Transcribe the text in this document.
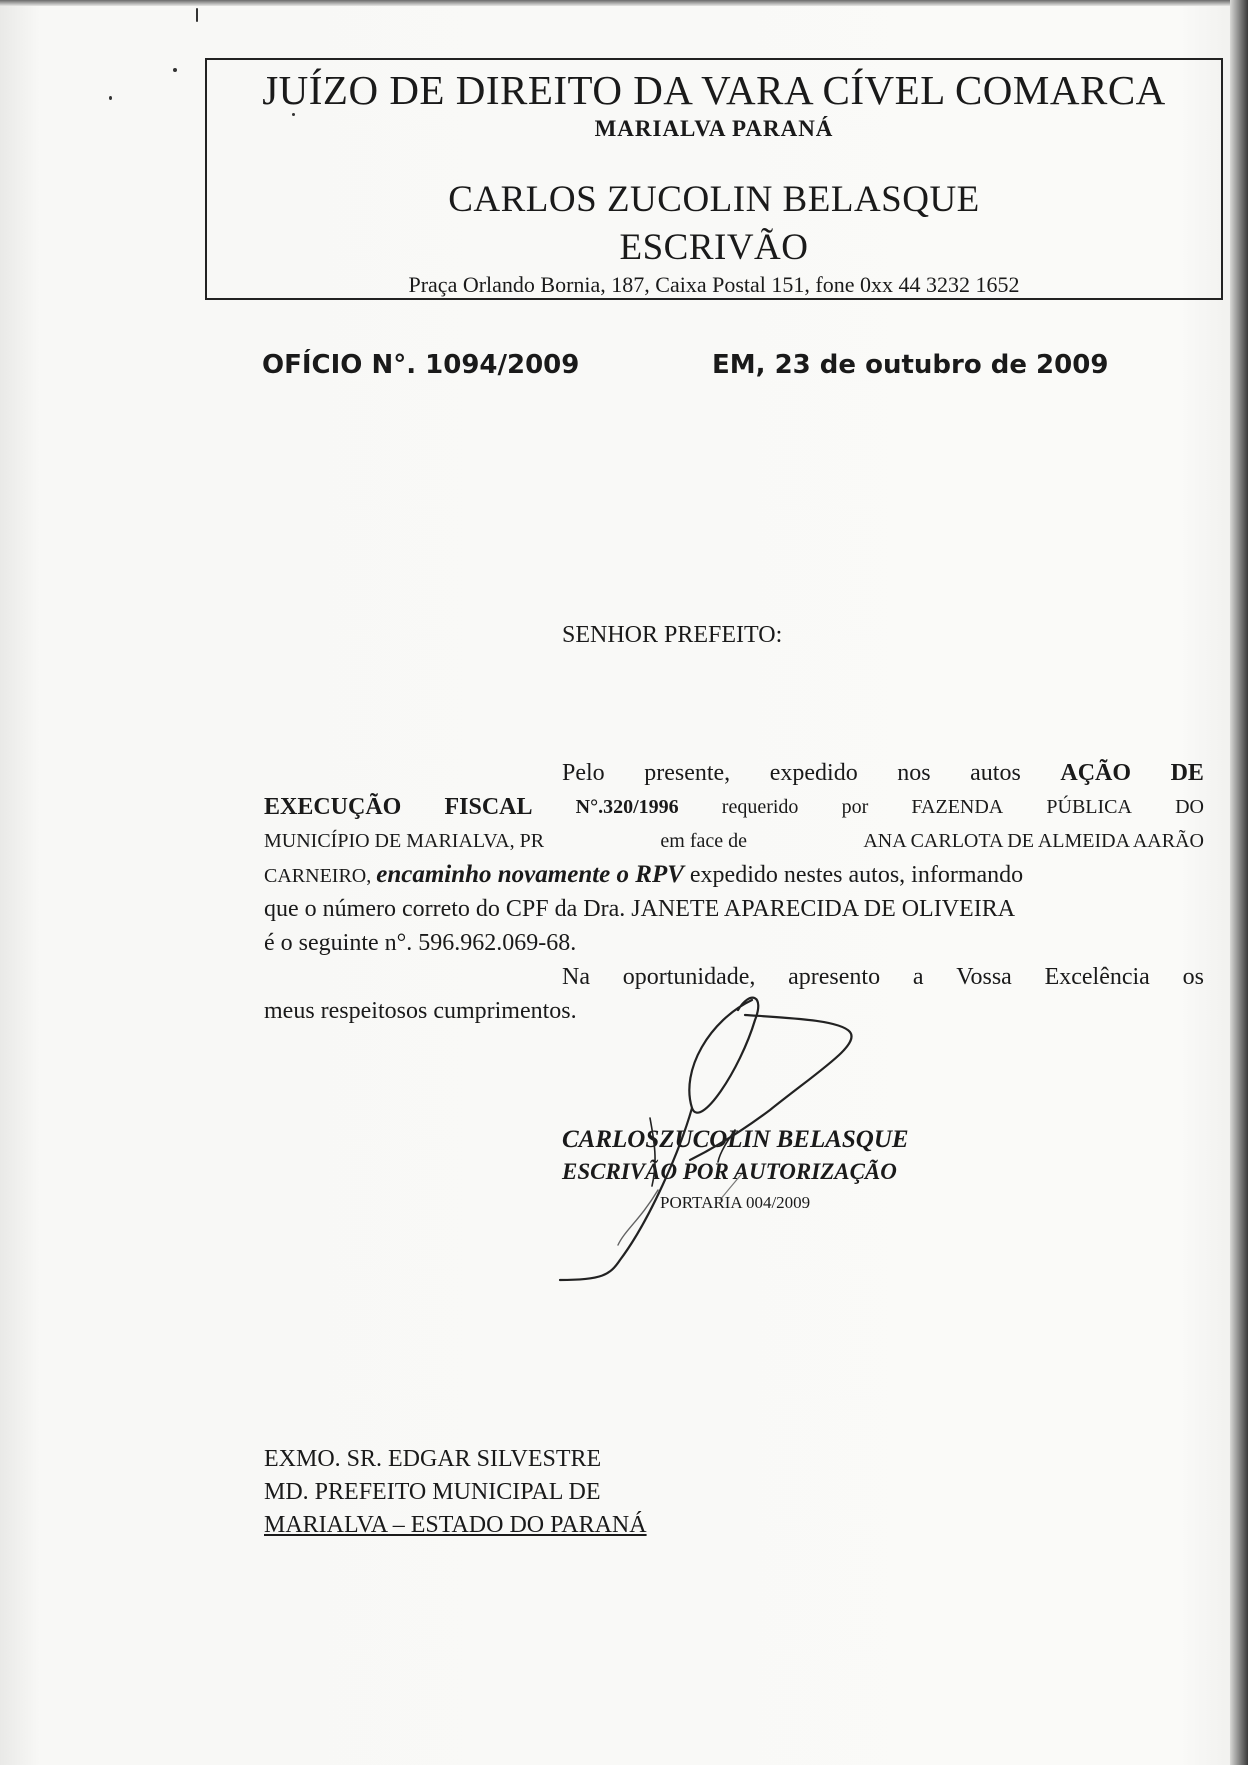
JUÍZO DE DIREITO DA VARA CÍVEL COMARCA
MARIALVA PARANÁ
CARLOS ZUCOLIN BELASQUE
ESCRIVÃO
Praça Orlando Bornia, 187, Caixa Postal 151, fone 0xx 44 3232 1652
OFÍCIO N°. 1094/2009	EM, 23 de outubro de 2009
SENHOR PREFEITO:
Pelo presente, expedido nos autos AÇÃO DE
EXECUÇÃO FISCAL N°.320/1996 requerido por FAZENDA PÚBLICA DO
MUNICÍPIO DE MARIALVA, PR	em face de	ANA CARLOTA DE ALMEIDA AARÃO
CARNEIRO, encaminho novamente o RPV expedido nestes autos, informando
que o número correto do CPF da Dra. JANETE APARECIDA DE OLIVEIRA
é o seguinte n°. 596.962.069-68.
Na oportunidade, apresento a Vossa Excelência os
meus respeitosos cumprimentos.
CARLOSZUCOLIN BELASQUE
ESCRIVÃO POR AUTORIZAÇÃO
PORTARIA 004/2009
EXMO. SR. EDGAR SILVESTRE
MD. PREFEITO MUNICIPAL DE
MARIALVA – ESTADO DO PARANÁ
